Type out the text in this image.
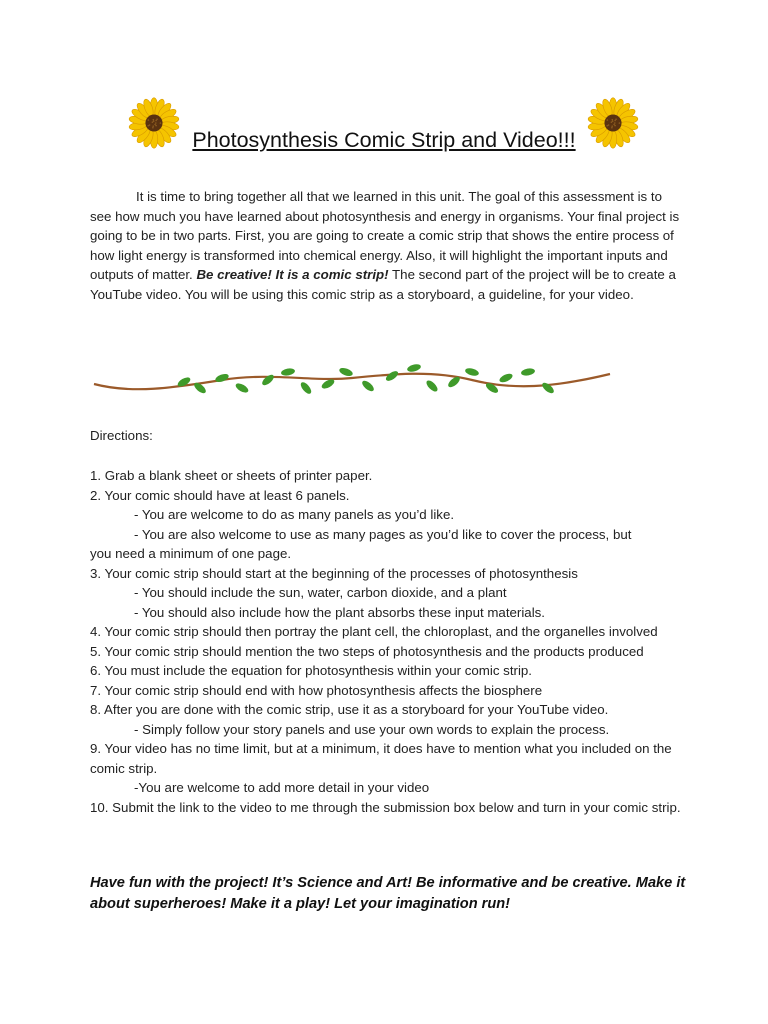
Photosynthesis Comic Strip and Video!!!

It is time to bring together all that we learned in this unit. The goal of this assessment is to see how much you have learned about photosynthesis and energy in organisms. Your final project is going to be in two parts. First, you are going to create a comic strip that shows the entire process of how light energy is transformed into chemical energy. Also, it will highlight the important inputs and outputs of matter. Be creative! It is a comic strip! The second part of the project will be to create a YouTube video. You will be using this comic strip as a storyboard, a guideline, for your video.

Directions:

1. Grab a blank sheet or sheets of printer paper.
2. Your comic should have at least 6 panels.
- You are welcome to do as many panels as you’d like.
- You are also welcome to use as many pages as you’d like to cover the process, but
you need a minimum of one page.
3. Your comic strip should start at the beginning of the processes of photosynthesis
- You should include the sun, water, carbon dioxide, and a plant
- You should also include how the plant absorbs these input materials.
4. Your comic strip should then portray the plant cell, the chloroplast, and the organelles involved
5. Your comic strip should mention the two steps of photosynthesis and the products produced
6. You must include the equation for photosynthesis within your comic strip.
7. Your comic strip should end with how photosynthesis affects the biosphere
8. After you are done with the comic strip, use it as a storyboard for your YouTube video.
- Simply follow your story panels and use your own words to explain the process.
9. Your video has no time limit, but at a minimum, it does have to mention what you included on the comic strip.
-You are welcome to add more detail in your video
10. Submit the link to the video to me through the submission box below and turn in your comic strip.

Have fun with the project! It’s Science and Art! Be informative and be creative. Make it about superheroes! Make it a play! Let your imagination run!
